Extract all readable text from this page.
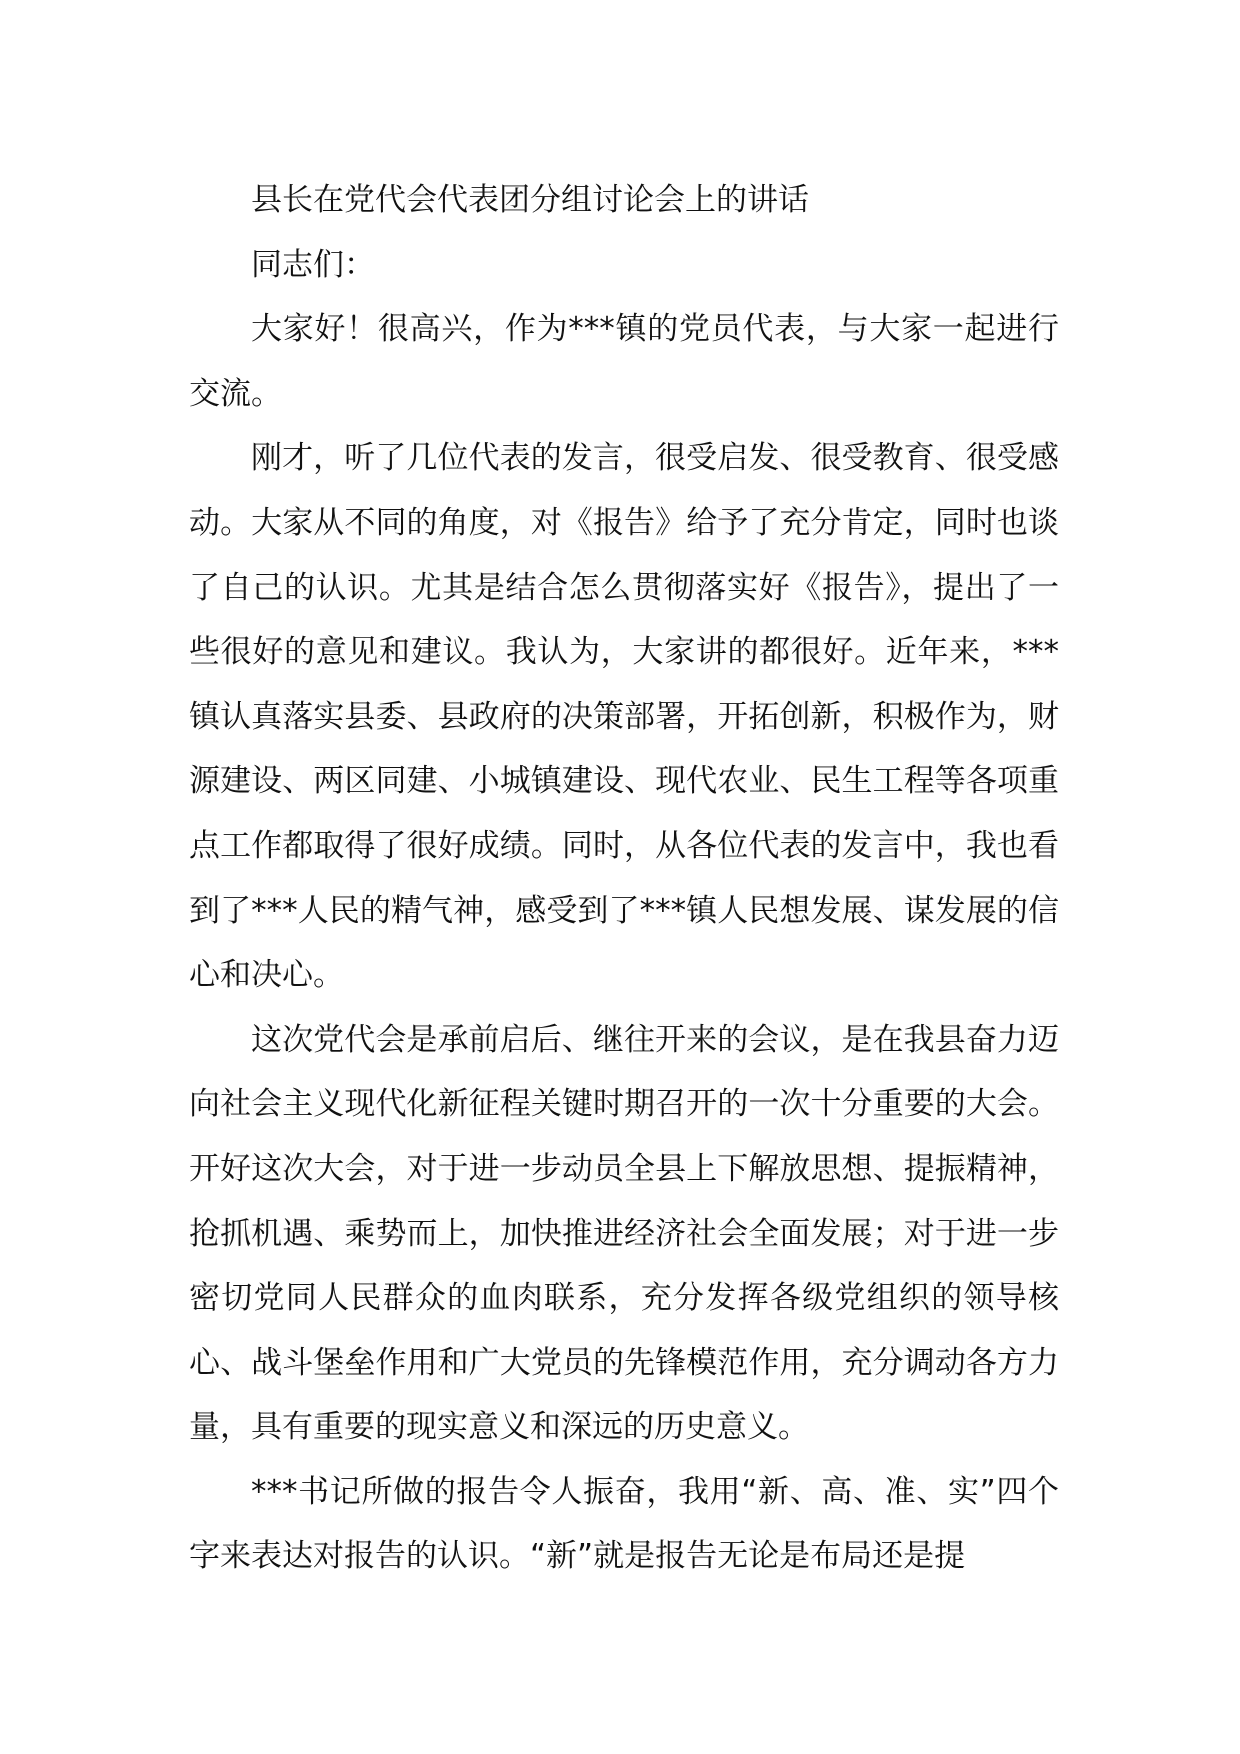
县长在党代会代表团分组讨论会上的讲话

同志们：

大家好！很高兴，作为***镇的党员代表，与大家一起进行交流。

刚才，听了几位代表的发言，很受启发、很受教育、很受感动。大家从不同的角度，对《报告》给予了充分肯定，同时也谈了自己的认识。尤其是结合怎么贯彻落实好《报告》，提出了一些很好的意见和建议。我认为，大家讲的都很好。近年来，***镇认真落实县委、县政府的决策部署，开拓创新，积极作为，财源建设、两区同建、小城镇建设、现代农业、民生工程等各项重点工作都取得了很好成绩。同时，从各位代表的发言中，我也看到了***人民的精气神，感受到了***镇人民想发展、谋发展的信心和决心。

这次党代会是承前启后、继往开来的会议，是在我县奋力迈向社会主义现代化新征程关键时期召开的一次十分重要的大会。开好这次大会，对于进一步动员全县上下解放思想、提振精神，抢抓机遇、乘势而上，加快推进经济社会全面发展；对于进一步密切党同人民群众的血肉联系，充分发挥各级党组织的领导核心、战斗堡垒作用和广大党员的先锋模范作用，充分调动各方力量，具有重要的现实意义和深远的历史意义。

***书记所做的报告令人振奋，我用“新、高、准、实”四个字来表达对报告的认识。“新”就是报告无论是布局还是提
